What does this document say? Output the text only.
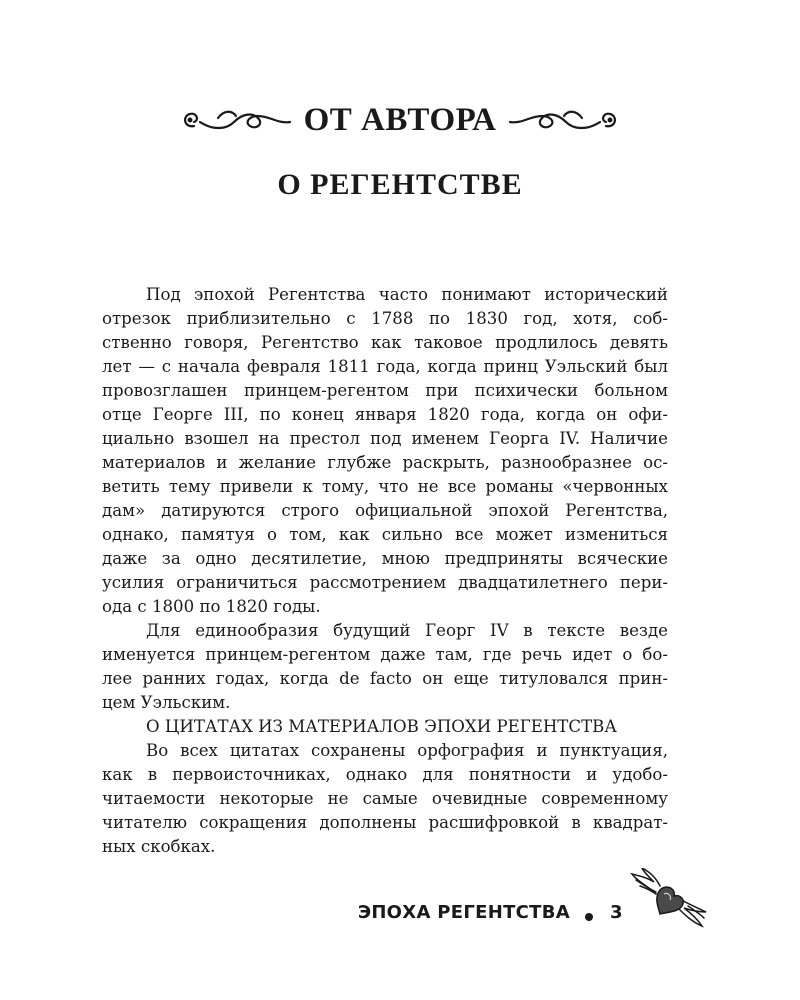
ОТ АВТОРА
О РЕГЕНТСТВЕ
Под эпохой Регентства часто понимают исторический
отрезок приблизительно с 1788 по 1830 год, хотя, соб-
ственно говоря, Регентство как таковое продлилось девять
лет — с начала февраля 1811 года, когда принц Уэльский был
провозглашен принцем-регентом при психически больном
отце Георге III, по конец января 1820 года, когда он офи-
циально взошел на престол под именем Георга IV. Наличие
материалов и желание глубже раскрыть, разнообразнее ос-
ветить тему привели к тому, что не все романы «червонных
дам» датируются строго официальной эпохой Регентства,
однако, памятуя о том, как сильно все может измениться
даже за одно десятилетие, мною предприняты всяческие
усилия ограничиться рассмотрением двадцатилетнего пери-
ода с 1800 по 1820 годы.
Для единообразия будущий Георг IV в тексте везде
именуется принцем-регентом даже там, где речь идет о бо-
лее ранних годах, когда de facto он еще титуловался прин-
цем Уэльским.
О ЦИТАТАХ ИЗ МАТЕРИАЛОВ ЭПОХИ РЕГЕНТСТВА
Во всех цитатах сохранены орфография и пунктуация,
как в первоисточниках, однако для понятности и удобо-
читаемости некоторые не самые очевидные современному
читателю сокращения дополнены расшифровкой в квадрат-
ных скобках.
ЭПОХА РЕГЕНТСТВА 3
